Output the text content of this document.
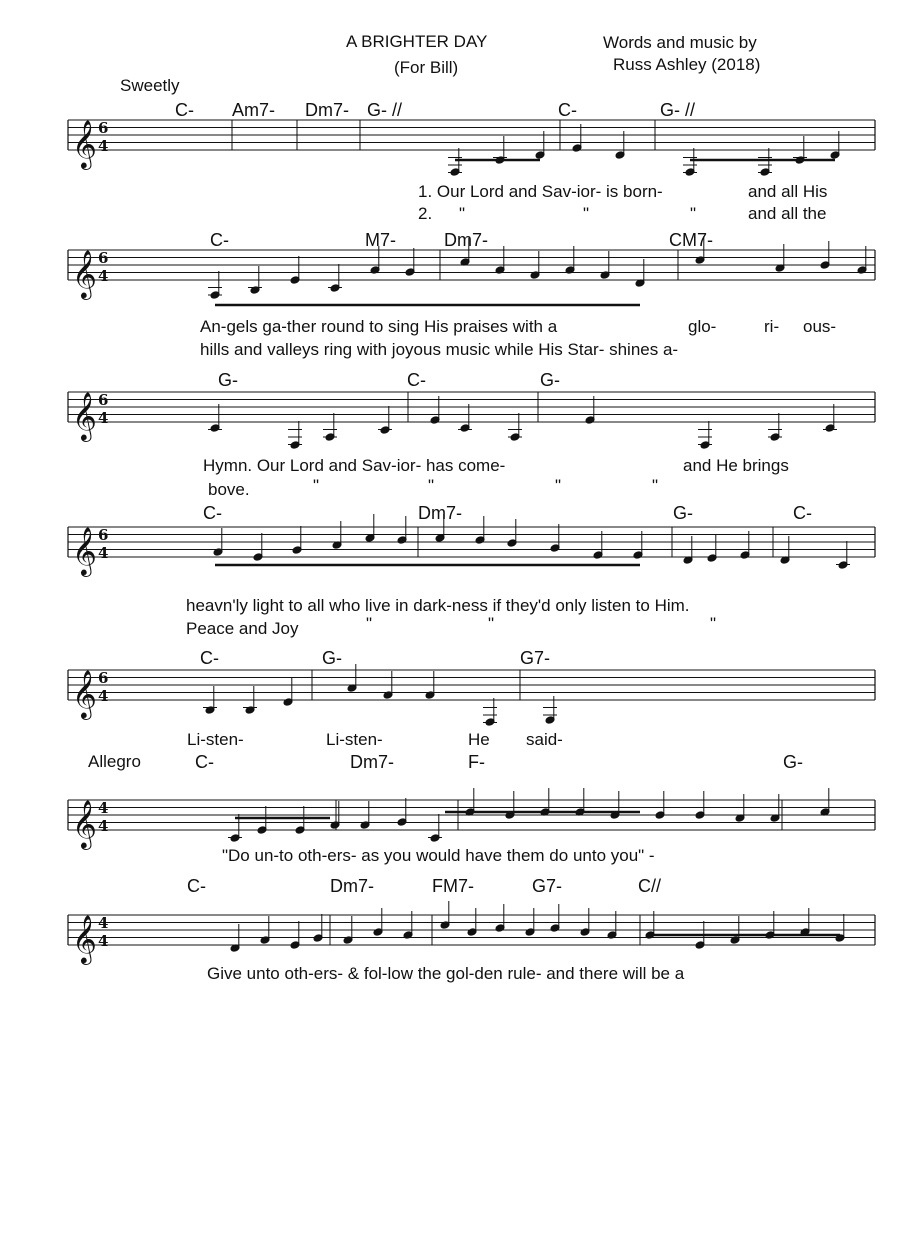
A BRIGHTER DAY
(For Bill)
Words and music by
Russ Ashley (2018)
Sweetly
Allegro
C- Am7- Dm7- G- //	C-	G- //
1. Our Lord and Sav-ior- is born-	and all His
2. "	"	"	and all the
C-	M7-	Dm7-	CM7-
An-gels ga-ther round to sing His praises with a	glo-	ri- ous-
hills and valleys ring with joyous music while His Star- shines a-
G-	C-	G-
Hymn. Our Lord and Sav-ior- has come-	and He brings
bove.	"	"	"	"
C-	Dm7-	G-	C-
heavn'ly light to all who live in dark-ness if they'd only listen to Him.
Peace and Joy	"	"	"
C-	G-	G7-
Li-sten-	Li-sten-	He said-
C-	Dm7-	F-	G-
"Do un-to oth-ers- as you would have them do unto you" -
C-	Dm7-	FM7-	G7-	C//
Give unto oth-ers- & fol-low the gol-den rule- and there will be a
𝄞 6
4
𝄞 6
4
𝄞 6
4
𝄞 6
4
𝄞 6
4
𝄞 4
4
𝄞 4
4
